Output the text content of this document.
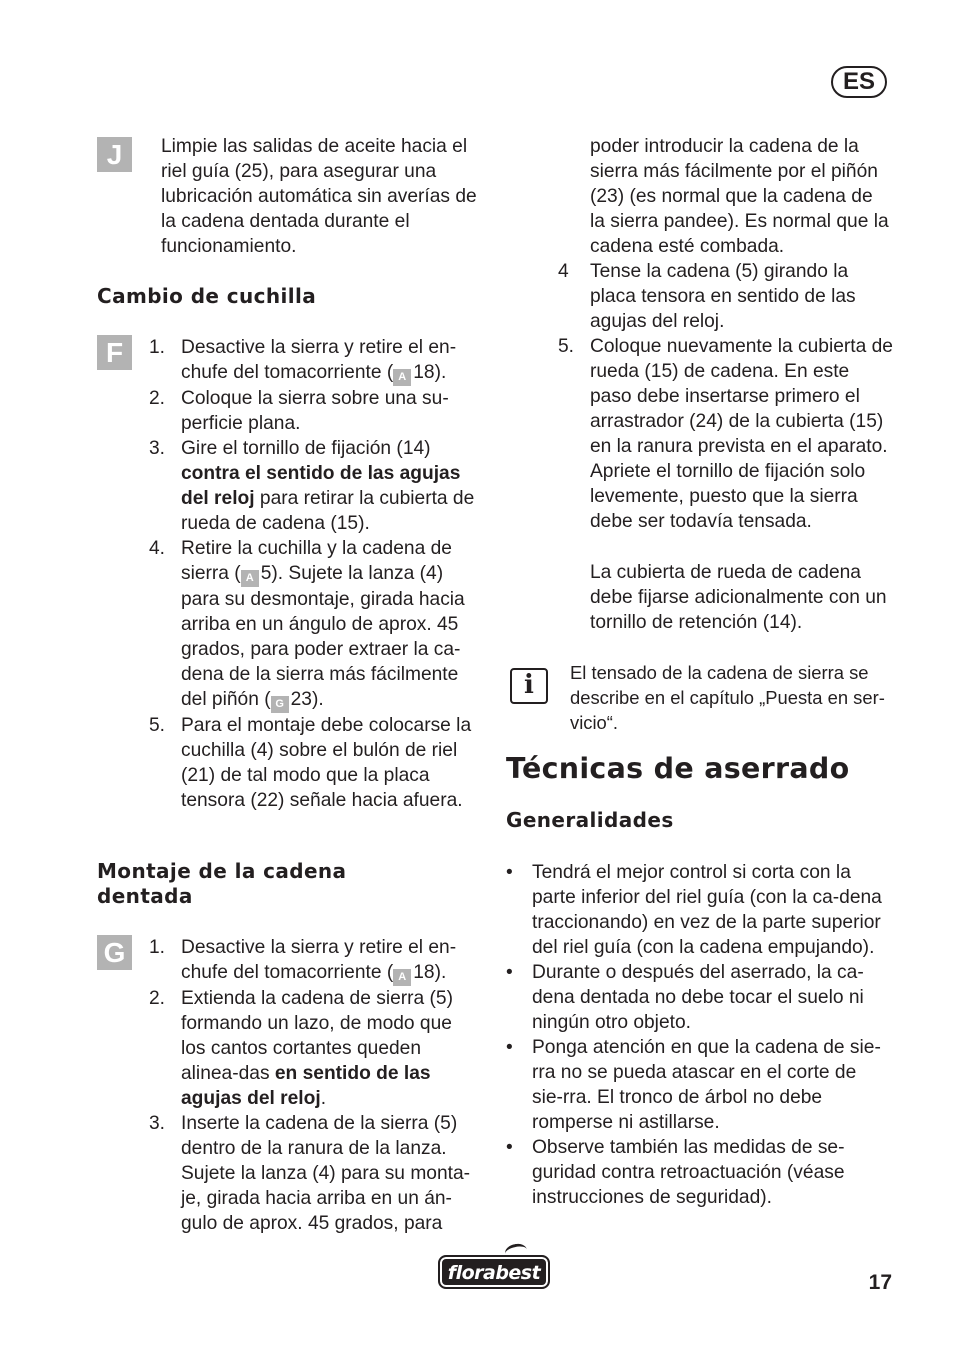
ES
J	Limpie las salidas de aceite hacia el riel guía (25), para asegurar una lubricación automática sin averías de la cadena dentada durante el funcionamiento.
Cambio de cuchilla
F	1. Desactive la sierra y retire el en-chufe del tomacorriente ( A 18).
2. Coloque la sierra sobre una su-perficie plana.
3. Gire el tornillo de fijación (14) contra el sentido de las agujas del reloj para retirar la cubierta de rueda de cadena (15).
4. Retire la cuchilla y la cadena de sierra ( A 5). Sujete la lanza (4) para su desmontaje, girada hacia arriba en un ángulo de aprox. 45 grados, para poder extraer la ca-dena de la sierra más fácilmente del piñón ( G 23).
5. Para el montaje debe colocarse la cuchilla (4) sobre el bulón de riel (21) de tal modo que la placa tensora (22) señale hacia afuera.
Montaje de la cadena dentada
G	1. Desactive la sierra y retire el en-chufe del tomacorriente ( A 18).
2. Extienda la cadena de sierra (5) formando un lazo, de modo que los cantos cortantes queden alinea-das en sentido de las agujas del reloj.
3. Inserte la cadena de la sierra (5) dentro de la ranura de la lanza. Sujete la lanza (4) para su monta-je, girada hacia arriba en un án-gulo de aprox. 45 grados, para
poder introducir la cadena de la sierra más fácilmente por el piñón (23) (es normal que la cadena de la sierra pandee). Es normal que la cadena esté combada.
4 Tense la cadena (5) girando la placa tensora en sentido de las agujas del reloj.
5. Coloque nuevamente la cubierta de rueda (15) de cadena. En este paso debe insertarse primero el arrastrador (24) de la cubierta (15) en la ranura prevista en el aparato. Apriete el tornillo de fijación solo levemente, puesto que la sierra debe ser todavía tensada.
La cubierta de rueda de cadena debe fijarse adicionalmente con un tornillo de retención (14).
i	El tensado de la cadena de sierra se describe en el capítulo „Puesta en ser-vicio“.
Técnicas de aserrado
Generalidades
• Tendrá el mejor control si corta con la parte inferior del riel guía (con la ca-dena traccionando) en vez de la parte superior del riel guía (con la cadena empujando).
• Durante o después del aserrado, la ca-dena dentada no debe tocar el suelo ni ningún otro objeto.
• Ponga atención en que la cadena de sie-rra no se pueda atascar en el corte de sie-rra. El tronco de árbol no debe romperse ni astillarse.
• Observe también las medidas de se-guridad contra retroactuación (véase instrucciones de seguridad).
florabest	17
